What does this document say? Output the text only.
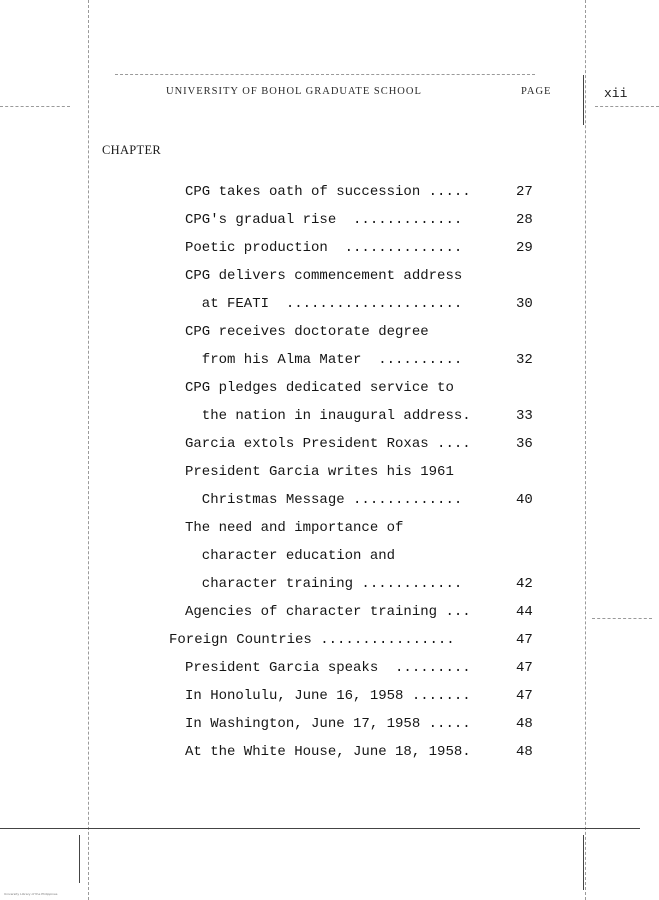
UNIVERSITY OF BOHOL GRADUATE SCHOOL	PAGE	xii
CHAPTER
CPG takes oath of succession .....	27
CPG's gradual rise  .............	28
Poetic production  ..............	29
CPG delivers commencement address
at FEATI  .....................	30
CPG receives doctorate degree
from his Alma Mater  ..........	32
CPG pledges dedicated service to
the nation in inaugural address.	33
Garcia extols President Roxas ....	36
President Garcia writes his 1961
Christmas Message .............	40
The need and importance of
character education and
character training ............	42
Agencies of character training ...	44
Foreign Countries ................	47
President Garcia speaks  .........	47
In Honolulu, June 16, 1958 .......	47
In Washington, June 17, 1958 .....	48
At the White House, June 18, 1958.	48
University Library of the Philippines
